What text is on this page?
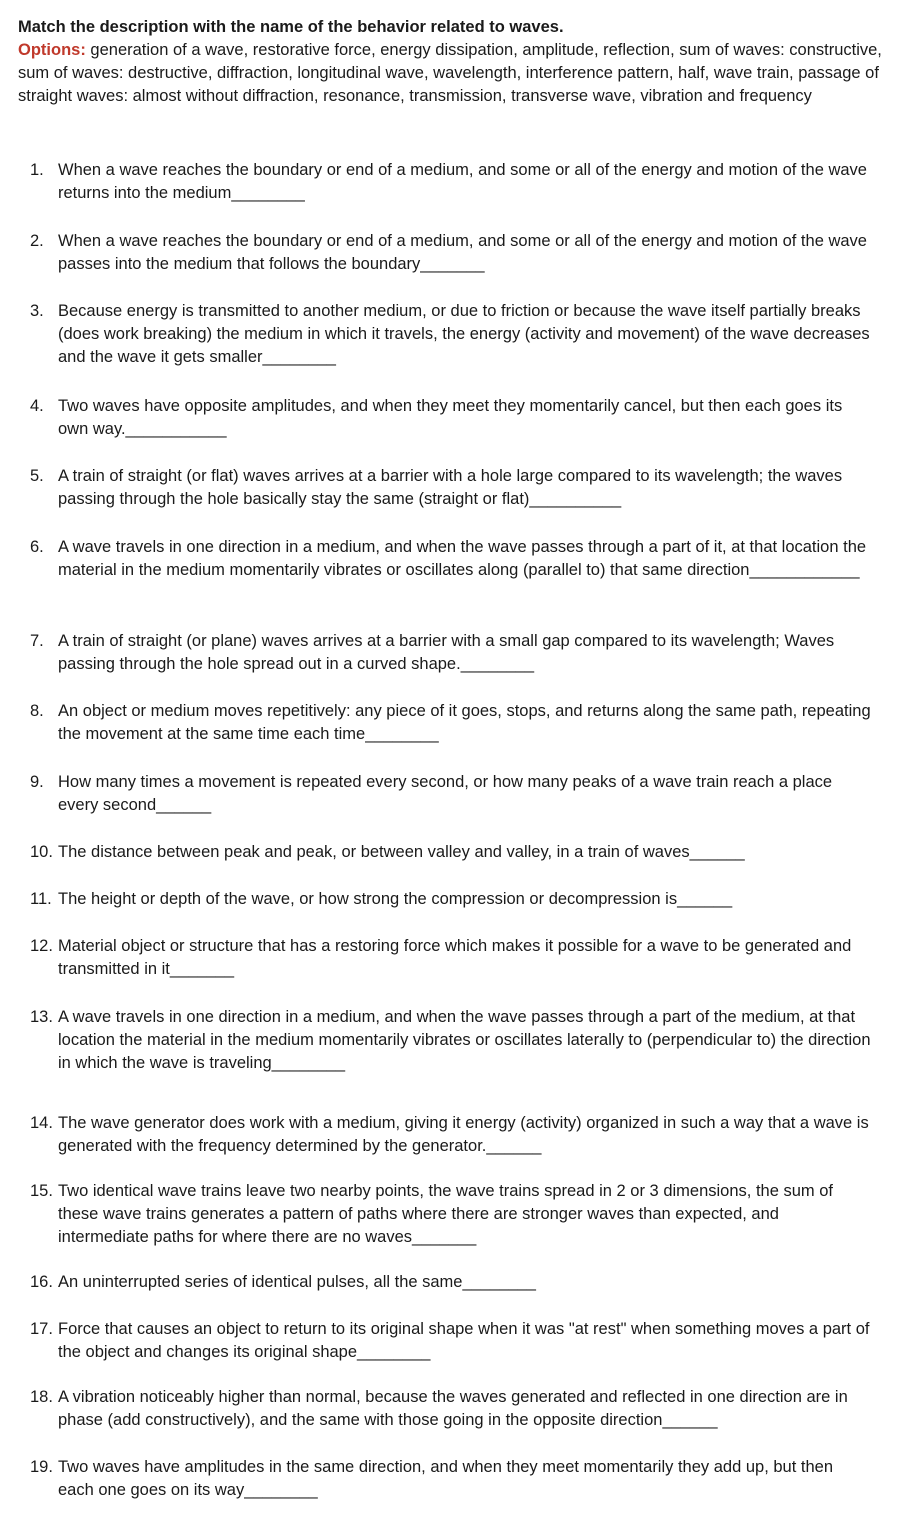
Match the description with the name of the behavior related to waves.

Options: generation of a wave, restorative force, energy dissipation, amplitude, reflection, sum of waves: constructive, sum of waves: destructive, diffraction, longitudinal wave, wavelength, interference pattern, half, wave train, passage of straight waves: almost without diffraction, resonance, transmission, transverse wave, vibration and frequency

1. When a wave reaches the boundary or end of a medium, and some or all of the energy and motion of the wave returns into the medium________
2. When a wave reaches the boundary or end of a medium, and some or all of the energy and motion of the wave passes into the medium that follows the boundary_______
3. Because energy is transmitted to another medium, or due to friction or because the wave itself partially breaks (does work breaking) the medium in which it travels, the energy (activity and movement) of the wave decreases and the wave it gets smaller________
4. Two waves have opposite amplitudes, and when they meet they momentarily cancel, but then each goes its own way.___________
5. A train of straight (or flat) waves arrives at a barrier with a hole large compared to its wavelength; the waves passing through the hole basically stay the same (straight or flat)__________
6. A wave travels in one direction in a medium, and when the wave passes through a part of it, at that location the material in the medium momentarily vibrates or oscillates along (parallel to) that same direction____________
7. A train of straight (or plane) waves arrives at a barrier with a small gap compared to its wavelength; Waves passing through the hole spread out in a curved shape.________
8. An object or medium moves repetitively: any piece of it goes, stops, and returns along the same path, repeating the movement at the same time each time________
9. How many times a movement is repeated every second, or how many peaks of a wave train reach a place every second______
10. The distance between peak and peak, or between valley and valley, in a train of waves______
11. The height or depth of the wave, or how strong the compression or decompression is______
12. Material object or structure that has a restoring force which makes it possible for a wave to be generated and transmitted in it_______
13. A wave travels in one direction in a medium, and when the wave passes through a part of the medium, at that location the material in the medium momentarily vibrates or oscillates laterally to (perpendicular to) the direction in which the wave is traveling________
14. The wave generator does work with a medium, giving it energy (activity) organized in such a way that a wave is generated with the frequency determined by the generator.______
15. Two identical wave trains leave two nearby points, the wave trains spread in 2 or 3 dimensions, the sum of these wave trains generates a pattern of paths where there are stronger waves than expected, and intermediate paths for where there are no waves_______
16. An uninterrupted series of identical pulses, all the same________
17. Force that causes an object to return to its original shape when it was "at rest" when something moves a part of the object and changes its original shape________
18. A vibration noticeably higher than normal, because the waves generated and reflected in one direction are in phase (add constructively), and the same with those going in the opposite direction______
19. Two waves have amplitudes in the same direction, and when they meet momentarily they add up, but then each one goes on its way________
